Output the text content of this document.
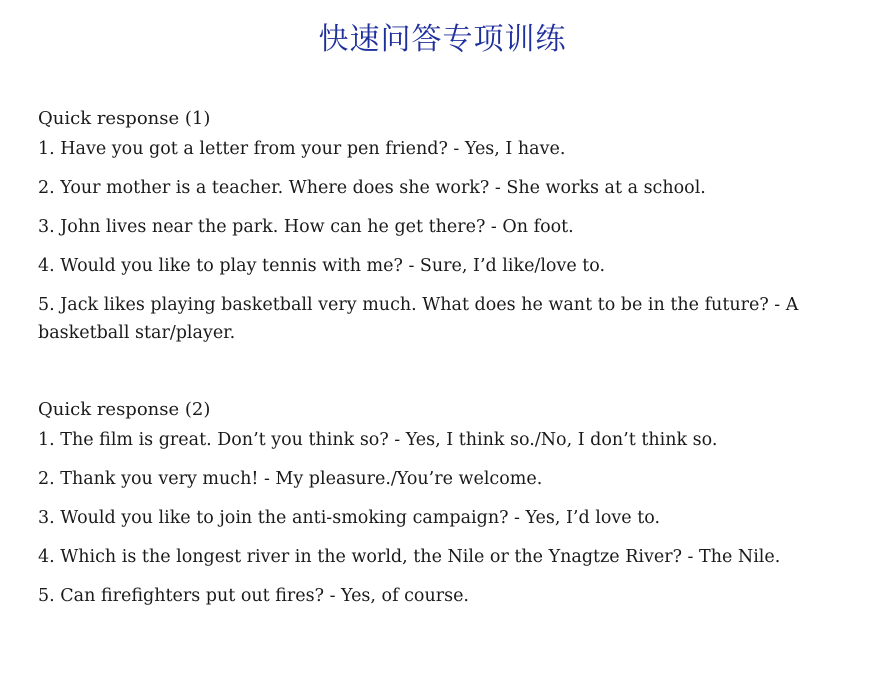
快速问答专项训练
Quick response (1)
1. Have you got a letter from your pen friend? - Yes, I have.
2. Your mother is a teacher. Where does she work? - She works at a school.
3. John lives near the park. How can he get there? - On foot.
4. Would you like to play tennis with me? - Sure, I’d like/love to.
5. Jack likes playing basketball very much. What does he want to be in the future? - A basketball star/player.
Quick response (2)
1. The film is great. Don’t you think so? - Yes, I think so./No, I don’t think so.
2. Thank you very much! - My pleasure./You’re welcome.
3. Would you like to join the anti-smoking campaign? - Yes, I’d love to.
4. Which is the longest river in the world, the Nile or the Ynagtze River? - The Nile.
5. Can firefighters put out fires? - Yes, of course.
